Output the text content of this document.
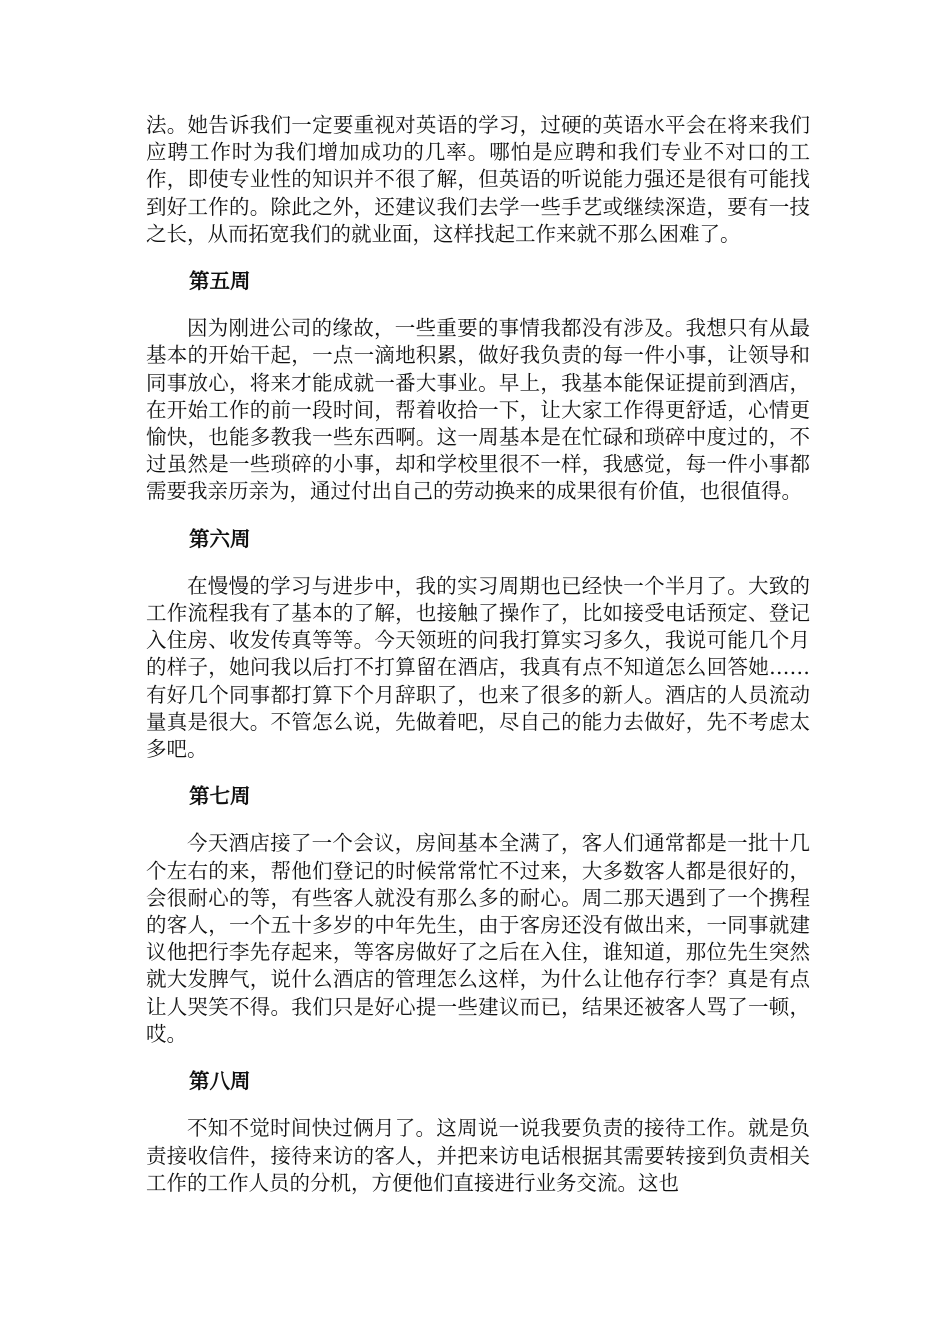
法。她告诉我们一定要重视对英语的学习，过硬的英语水平会在将来我们应聘工作时为我们增加成功的几率。哪怕是应聘和我们专业不对口的工作，即使专业性的知识并不很了解，但英语的听说能力强还是很有可能找到好工作的。除此之外，还建议我们去学一些手艺或继续深造，要有一技之长，从而拓宽我们的就业面，这样找起工作来就不那么困难了。

第五周

因为刚进公司的缘故，一些重要的事情我都没有涉及。我想只有从最基本的开始干起，一点一滴地积累，做好我负责的每一件小事，让领导和同事放心，将来才能成就一番大事业。早上，我基本能保证提前到酒店，在开始工作的前一段时间，帮着收拾一下，让大家工作得更舒适，心情更愉快，也能多教我一些东西啊。这一周基本是在忙碌和琐碎中度过的，不过虽然是一些琐碎的小事，却和学校里很不一样，我感觉，每一件小事都需要我亲历亲为，通过付出自己的劳动换来的成果很有价值，也很值得。

第六周

在慢慢的学习与进步中，我的实习周期也已经快一个半月了。大致的工作流程我有了基本的了解，也接触了操作了，比如接受电话预定、登记入住房、收发传真等等。今天领班的问我打算实习多久，我说可能几个月的样子，她问我以后打不打算留在酒店，我真有点不知道怎么回答她……有好几个同事都打算下个月辞职了，也来了很多的新人。酒店的人员流动量真是很大。不管怎么说，先做着吧，尽自己的能力去做好，先不考虑太多吧。

第七周

今天酒店接了一个会议，房间基本全满了，客人们通常都是一批十几个左右的来，帮他们登记的时候常常忙不过来，大多数客人都是很好的，会很耐心的等，有些客人就没有那么多的耐心。周二那天遇到了一个携程的客人，一个五十多岁的中年先生，由于客房还没有做出来，一同事就建议他把行李先存起来，等客房做好了之后在入住，谁知道，那位先生突然就大发脾气，说什么酒店的管理怎么这样，为什么让他存行李？真是有点让人哭笑不得。我们只是好心提一些建议而已，结果还被客人骂了一顿，哎。

第八周

不知不觉时间快过俩月了。这周说一说我要负责的接待工作。就是负责接收信件，接待来访的客人，并把来访电话根据其需要转接到负责相关工作的工作人员的分机，方便他们直接进行业务交流。这也
